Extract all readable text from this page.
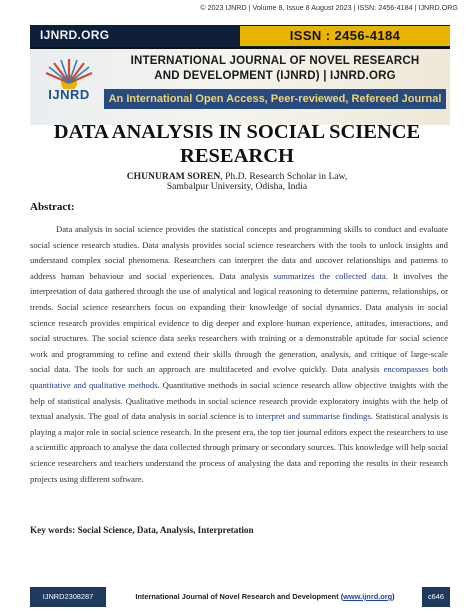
© 2023 IJNRD | Volume 8, Issue 8 August 2023 | ISSN: 2456-4184 | IJNRD.ORG
IJNRD.ORG	ISSN : 2456-4184
IJNRD
INTERNATIONAL JOURNAL OF NOVEL RESEARCH
AND DEVELOPMENT (IJNRD) | IJNRD.ORG
An International Open Access, Peer-reviewed, Refereed Journal
DATA ANALYSIS IN SOCIAL SCIENCE RESEARCH
CHUNURAM SOREN, Ph.D. Research Scholar in Law,
Sambalpur University, Odisha, India
Abstract:
Data analysis in social science provides the statistical concepts and programming skills to conduct and evaluate social science research studies. Data analysis provides social science researchers with the tools to unlock insights and understand complex social phenomena. Researchers can interpret the data and uncover relationships and patterns to address human behaviour and social experiences. Data analysis summarizes the collected data. It involves the interpretation of data gathered through the use of analytical and logical reasoning to determine patterns, relationships, or trends. Social science researchers focus on expanding their knowledge of social dynamics. Data analysis in social science research provides empirical evidence to dig deeper and explore human experience, attitudes, interactions, and social structures. The social science data seeks researchers with training or a demonstrable aptitude for social science work and programming to refine and extend their skills through the generation, analysis, and critique of large-scale social data. The tools for such an approach are multifaceted and evolve quickly. Data analysis encompasses both quantitative and qualitative methods. Quantitative methods in social science research allow objective insights with the help of statistical analysis. Qualitative methods in social science research provide exploratory insights with the help of textual analysis. The goal of data analysis in social science is to interpret and summarise findings. Statistical analysis is playing a major role in social science research. In the present era, the top tier journal editors expect the researchers to use a scientific approach to analyse the data collected through primary or secondary sources. This knowledge will help social science researchers and teachers understand the process of analysing the data and reporting the results in their research projects using different software.
Key words: Social Science, Data, Analysis, Interpretation
IJNRD2308287	International Journal of Novel Research and Development (www.ijnrd.org)	c646
